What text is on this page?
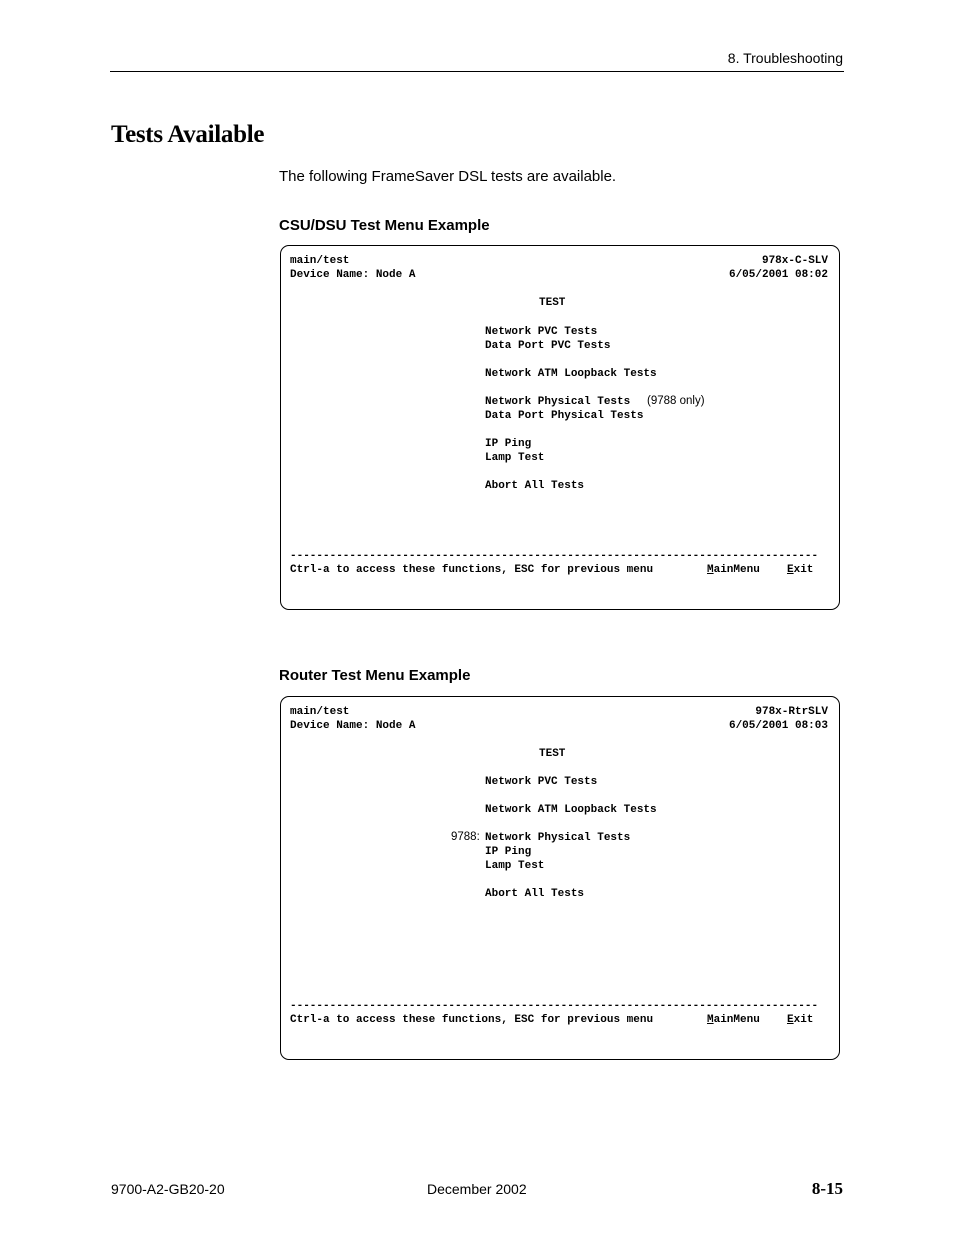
8. Troubleshooting
Tests Available
The following FrameSaver DSL tests are available.
CSU/DSU Test Menu Example
main/test	978x-C-SLV
Device Name: Node A	6/05/2001 08:02
TEST
Network PVC Tests
Data Port PVC Tests
Network ATM Loopback Tests
Network Physical Tests (9788 only)
Data Port Physical Tests
IP Ping
Lamp Test
Abort All Tests
--------------------------------------------------------------------------------
Ctrl-a to access these functions, ESC for previous menu	MainMenu Exit
Router Test Menu Example
main/test	978x-RtrSLV
Device Name: Node A	6/05/2001 08:03
TEST
Network PVC Tests
Network ATM Loopback Tests
9788: Network Physical Tests
IP Ping
Lamp Test
Abort All Tests
--------------------------------------------------------------------------------
Ctrl-a to access these functions, ESC for previous menu	MainMenu Exit
9700-A2-GB20-20	December 2002	8-15
